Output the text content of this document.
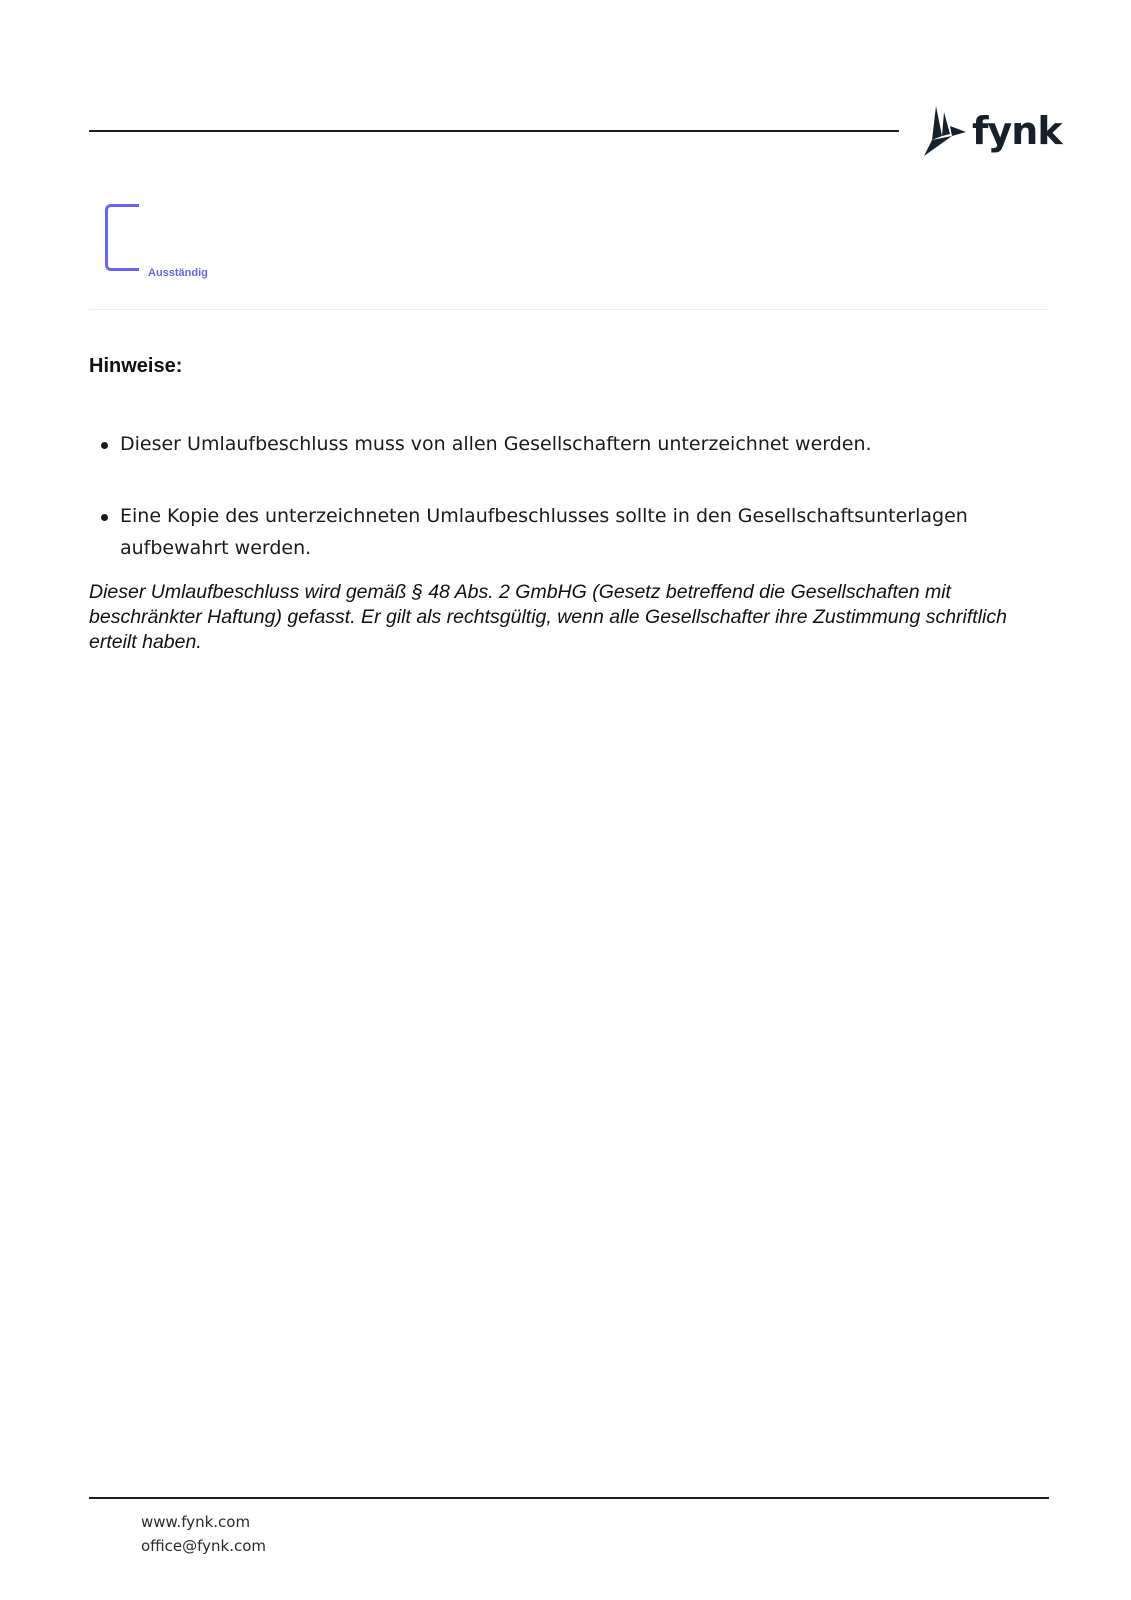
fynk
Ausständig
Hinweise:
Dieser Umlaufbeschluss muss von allen Gesellschaftern unterzeichnet werden.
Eine Kopie des unterzeichneten Umlaufbeschlusses sollte in den Gesellschaftsunterlagen aufbewahrt werden.
Dieser Umlaufbeschluss wird gemäß § 48 Abs. 2 GmbHG (Gesetz betreffend die Gesellschaften mit beschränkter Haftung) gefasst. Er gilt als rechtsgültig, wenn alle Gesellschafter ihre Zustimmung schriftlich erteilt haben.
www.fynk.com
office@fynk.com
